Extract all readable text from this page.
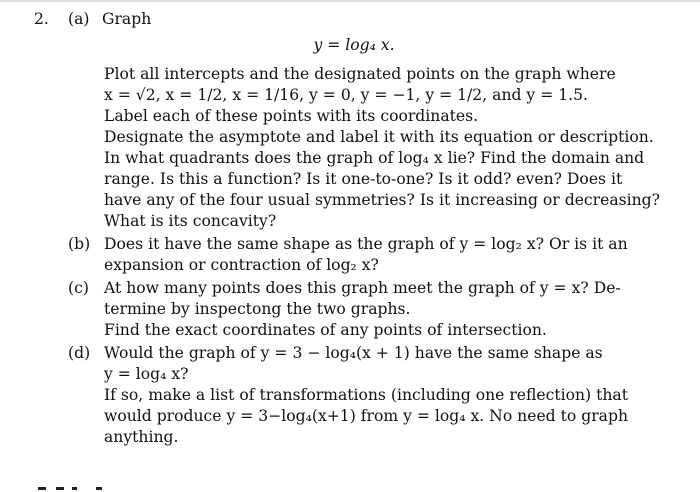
2.	(a) Graph
y = log₄ x.
Plot all intercepts and the designated points on the graph where
x = √2, x = 1/2, x = 1/16, y = 0, y = −1, y = 1/2, and y = 1.5.
Label each of these points with its coordinates.
Designate the asymptote and label it with its equation or description.
In what quadrants does the graph of log₄ x lie? Find the domain and
range. Is this a function? Is it one-to-one? Is it odd? even? Does it
have any of the four usual symmetries? Is it increasing or decreasing?
What is its concavity?
(b) Does it have the same shape as the graph of y = log₂ x? Or is it an
expansion or contraction of log₂ x?
(c) At how many points does this graph meet the graph of y = x? De-
termine by inspectong the two graphs.
Find the exact coordinates of any points of intersection.
(d) Would the graph of y = 3 − log₄(x + 1) have the same shape as
y = log₄ x?
If so, make a list of transformations (including one reflection) that
would produce y = 3−log₄(x+1) from y = log₄ x. No need to graph
anything.
